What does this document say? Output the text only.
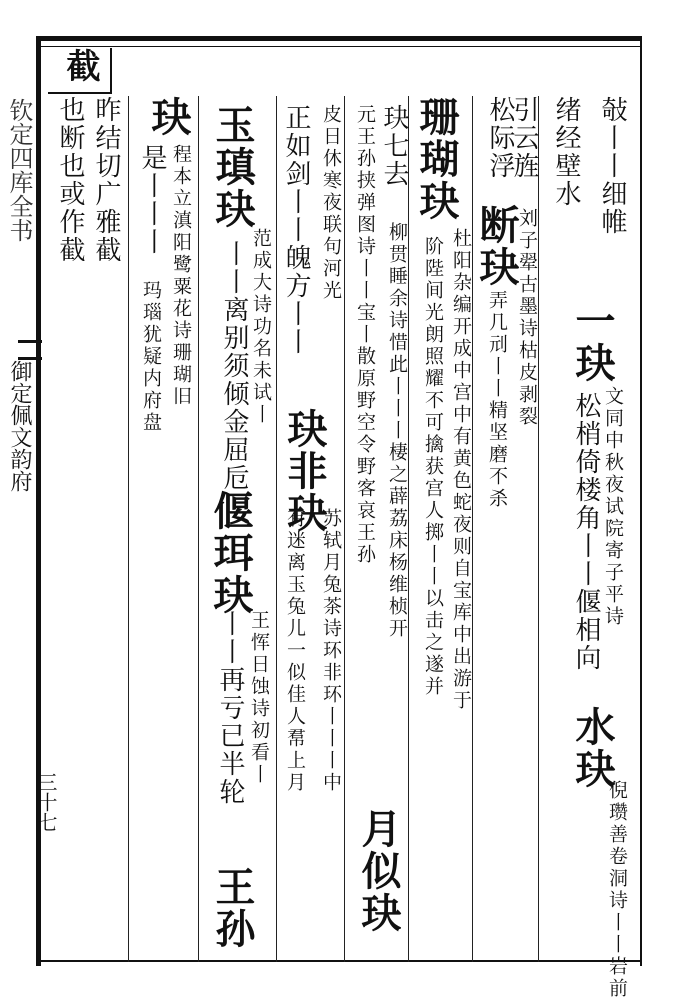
截
钦定四库全书
御定佩文韵府
三十七
敧丨丨细帷
一玦
文同中秋夜试院寄子平诗
松梢倚楼角丨丨偃相向
水玦
倪瓒善卷洞诗丨丨岩前
绪经壁水
引云旌
刘子翚古墨诗枯皮剥裂
松际浮
断玦
弄几刓丨丨精坚磨不杀
珊瑚玦
杜阳杂编开成中宫中有黄色蛇夜则自宝库中出游于
阶陛间光朗照耀不可擒获宫人掷丨丨以击之遂并
玦七去
柳贯睡余诗惜此丨丨丨棲之薜荔床杨维桢开
元王孙挟弹图诗丨丨宝丨散原野空令野客哀王孙
月似玦
皮日休寒夜联句河光
玦非玦
苏轼月兔茶诗环非环丨丨丨中
正如剑丨丨魄方丨丨
有迷离玉兔儿一似佳人帬上月
玉瑱玦
范成大诗功名未试丨
偃珥玦
王恽日蚀诗初看丨
王孙
丨丨离别须倾金屈卮
丨丨再亏已半轮
玦
程本立滇阳鹭粟花诗珊瑚旧
是丨丨丨
玛瑙犹疑内府盘
昨结切广雅截
也断也或作截
